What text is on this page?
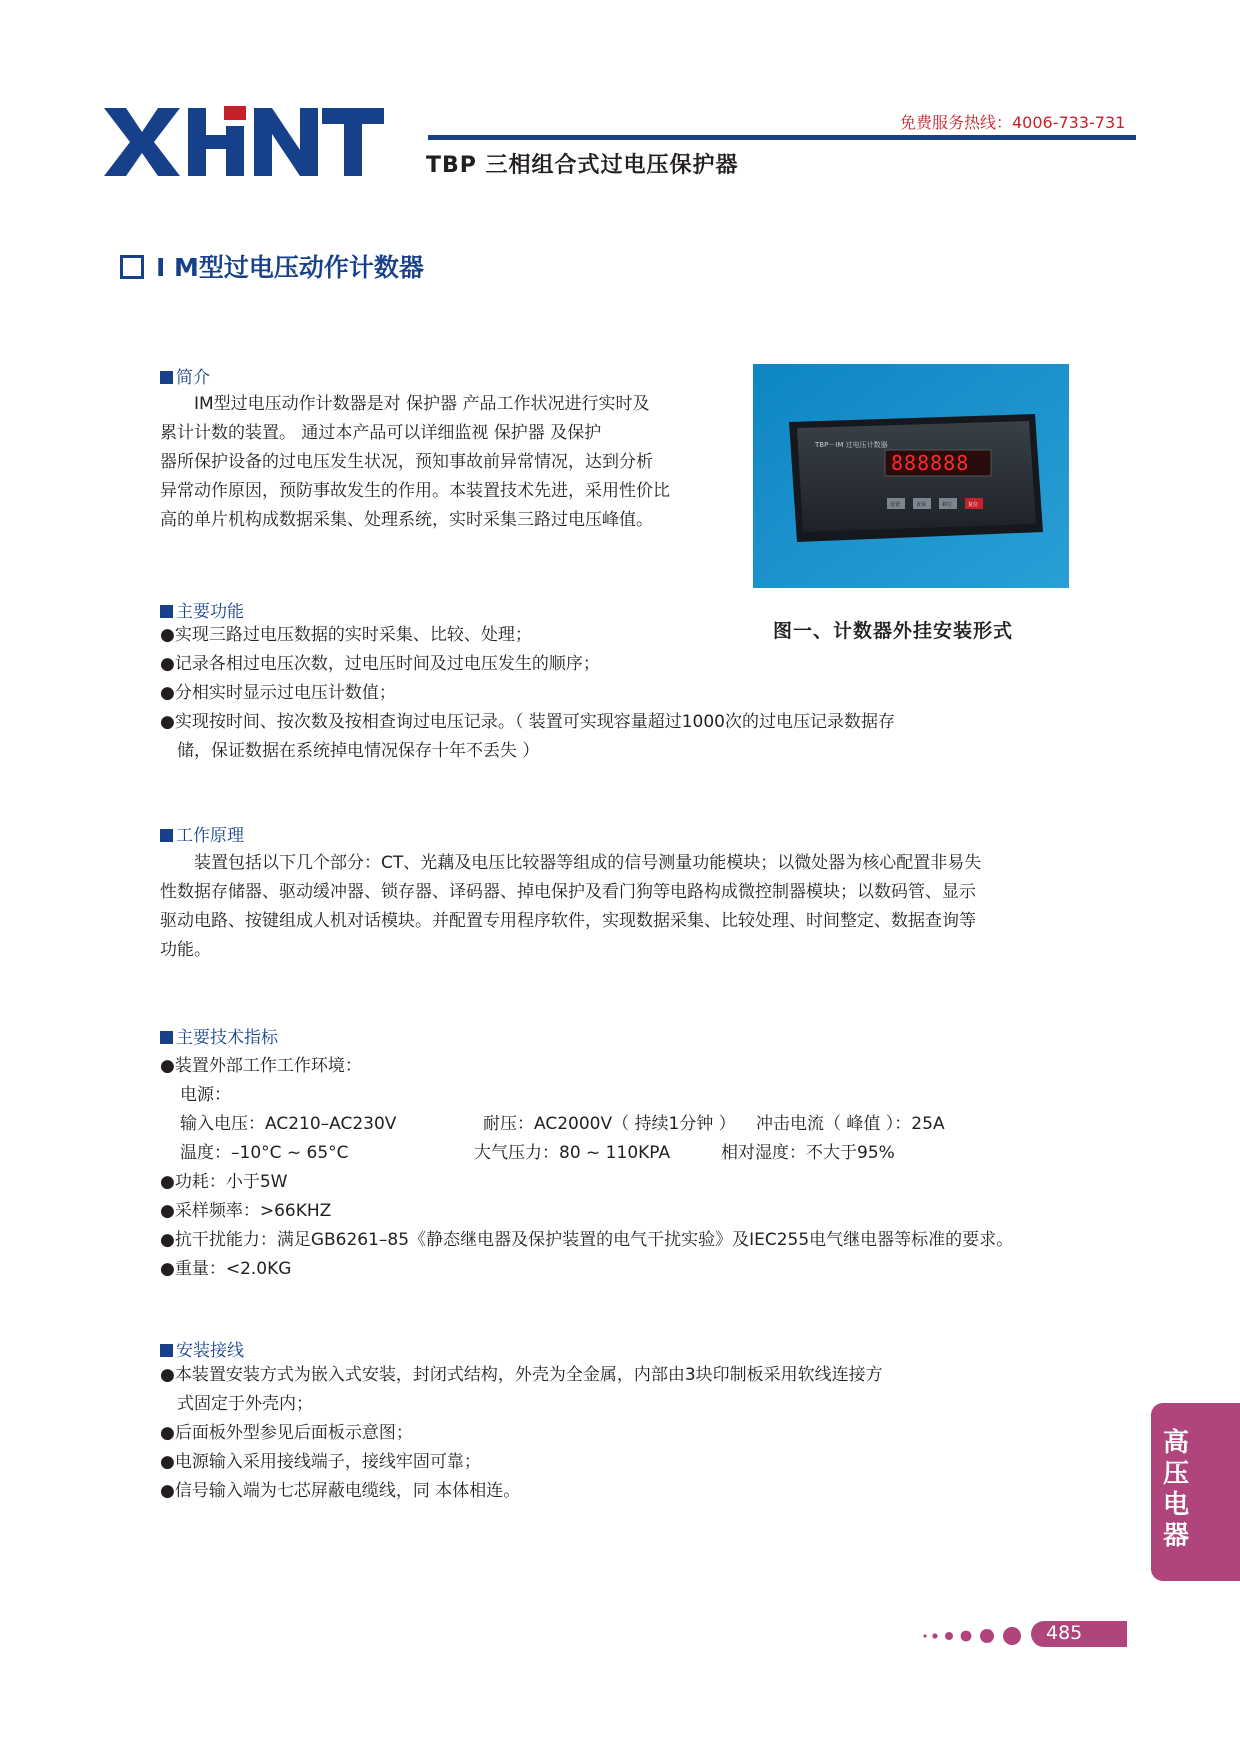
免费服务热线：4006-733-731
TBP 三相组合式过电压保护器
I M型过电压动作计数器
简介
　　IM型过电压动作计数器是对 保护器 产品工作状况进行实时及
累计计数的装置。 通过本产品可以详细监视 保护器 及保护
器所保护设备的过电压发生状况，预知事故前异常情况，达到分析
异常动作原因，预防事故发生的作用。本装置技术先进，采用性价比
高的单片机构成数据采集、处理系统，实时采集三路过电压峰值。
TBP－IM 过电压计数器
888888
设置	查询	移位	复位
图一、计数器外挂安装形式
主要功能
●实现三路过电压数据的实时采集、比较、处理；
●记录各相过电压次数，过电压时间及过电压发生的顺序；
●分相实时显示过电压计数值；
●实现按时间、按次数及按相查询过电压记录。（ 装置可实现容量超过1000次的过电压记录数据存
　储，保证数据在系统掉电情况保存十年不丢失 ）
工作原理
　　装置包括以下几个部分：CT、光藕及电压比较器等组成的信号测量功能模块；以微处器为核心配置非易失
性数据存储器、驱动缓冲器、锁存器、译码器、掉电保护及看门狗等电路构成微控制器模块；以数码管、显示
驱动电路、按键组成人机对话模块。并配置专用程序软件，实现数据采集、比较处理、时间整定、数据查询等
功能。
主要技术指标
●装置外部工作工作环境：
电源：
输入电压：AC210–AC230V	耐压：AC2000V（ 持续1分钟 ） 冲击电流（ 峰值 ）：25A
温度：–10°C ~ 65°C	大气压力：80 ~ 110KPA	相对湿度：不大于95%
●功耗：小于5W
●采样频率：>66KHZ
●抗干扰能力：满足GB6261–85《静态继电器及保护装置的电气干扰实验》及IEC255电气继电器等标准的要求。
●重量：<2.0KG
安装接线
●本装置安装方式为嵌入式安装，封闭式结构，外壳为全金属，内部由3块印制板采用软线连接方
　式固定于外壳内；
●后面板外型参见后面板示意图；
●电源输入采用接线端子，接线牢固可靠；
●信号输入端为七芯屏蔽电缆线，同 本体相连。
高压电器
485
